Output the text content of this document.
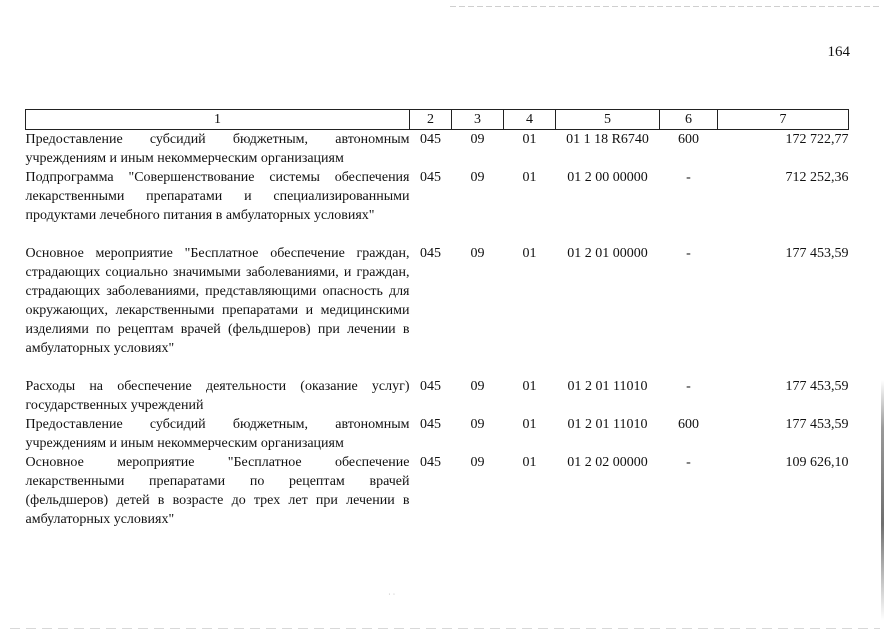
164
1	2	3	4	5	6	7
Предоставление субсидий бюджетным, автономным учреждениям и иным некоммерческим организациям	045	09	01	01 1 18 R6740	600	172 722,77
Подпрограмма "Совершенствование системы обеспечения лекарственными препаратами и специализированными продуктами лечебного питания в амбулаторных условиях"	045	09	01	01 2 00 00000	-	712 252,36
Основное мероприятие "Бесплатное обеспечение граждан, страдающих социально значимыми заболеваниями, и граждан, страдающих заболеваниями, представляющими опасность для окружающих, лекарственными препаратами и медицинскими изделиями по рецептам врачей (фельдшеров) при лечении в амбулаторных условиях"	045	09	01	01 2 01 00000	-	177 453,59
Расходы на обеспечение деятельности (оказание услуг) государственных учреждений	045	09	01	01 2 01 11010	-	177 453,59
Предоставление субсидий бюджетным, автономным учреждениям и иным некоммерческим организациям	045	09	01	01 2 01 11010	600	177 453,59
Основное мероприятие "Бесплатное обеспечение лекарственными препаратами по рецептам врачей (фельдшеров) детей в возрасте до трех лет при лечении в амбулаторных условиях"	045	09	01	01 2 02 00000	-	109 626,10
˙ ˙
